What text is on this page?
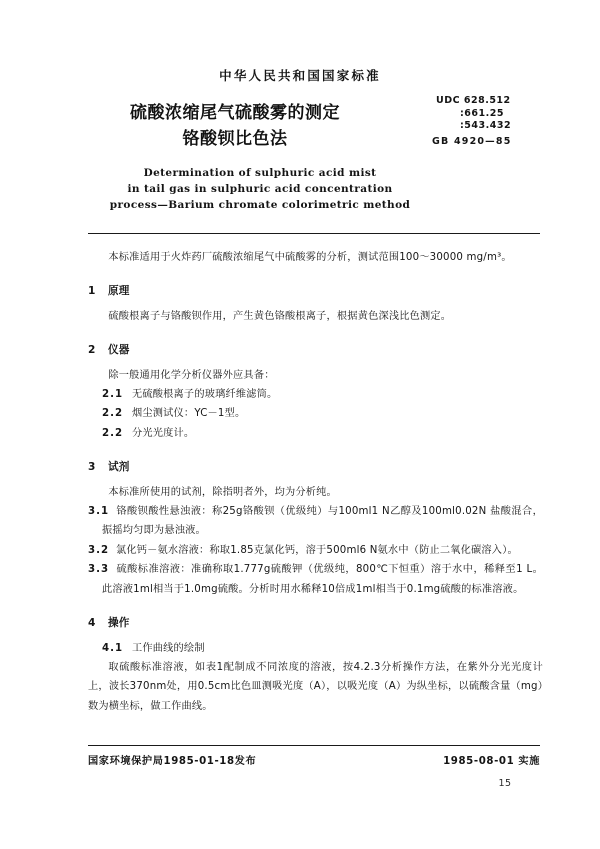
中华人民共和国国家标准
硫酸浓缩尾气硫酸雾的测定
铬酸钡比色法
UDC 628.512
:661.25
:543.432
GB 4920—85
Determination of sulphuric acid mist
in tail gas in sulphuric acid concentration
process—Barium chromate colorimetric method

本标准适用于火炸药厂硫酸浓缩尾气中硫酸雾的分析，测试范围100～30000 mg/m³。

1 原理

硫酸根离子与铬酸钡作用，产生黄色铬酸根离子，根据黄色深浅比色测定。

2 仪器

除一般通用化学分析仪器外应具备：

2.1 无硫酸根离子的玻璃纤维滤筒。

2.2 烟尘测试仪：YC－1型。

2.2 分光光度计。

3 试剂

本标准所使用的试剂，除指明者外，均为分析纯。

3.1 铬酸钡酸性悬浊液：称25g铬酸钡（优级纯）与100ml1 N乙醇及100ml0.02N 盐酸混合，振摇均匀即为悬浊液。

3.2 氯化钙－氨水溶液：称取1.85克氯化钙，溶于500ml6 N氨水中（防止二氧化碳溶入）。

3.3 硫酸标准溶液：准确称取1.777g硫酸钾（优级纯，800℃下恒重）溶于水中，稀释至1 L。此溶液1ml相当于1.0mg硫酸。分析时用水稀释10倍成1ml相当于0.1mg硫酸的标准溶液。

4 操作

4.1 工作曲线的绘制

取硫酸标准溶液，如表1配制成不同浓度的溶液，按4.2.3分析操作方法，在紫外分光光度计上，波长370nm处，用0.5cm比色皿测吸光度（A），以吸光度（A）为纵坐标，以硫酸含量（mg）数为横坐标，做工作曲线。

国家环境保护局1985-01-18发布	1985-08-01 实施
15
